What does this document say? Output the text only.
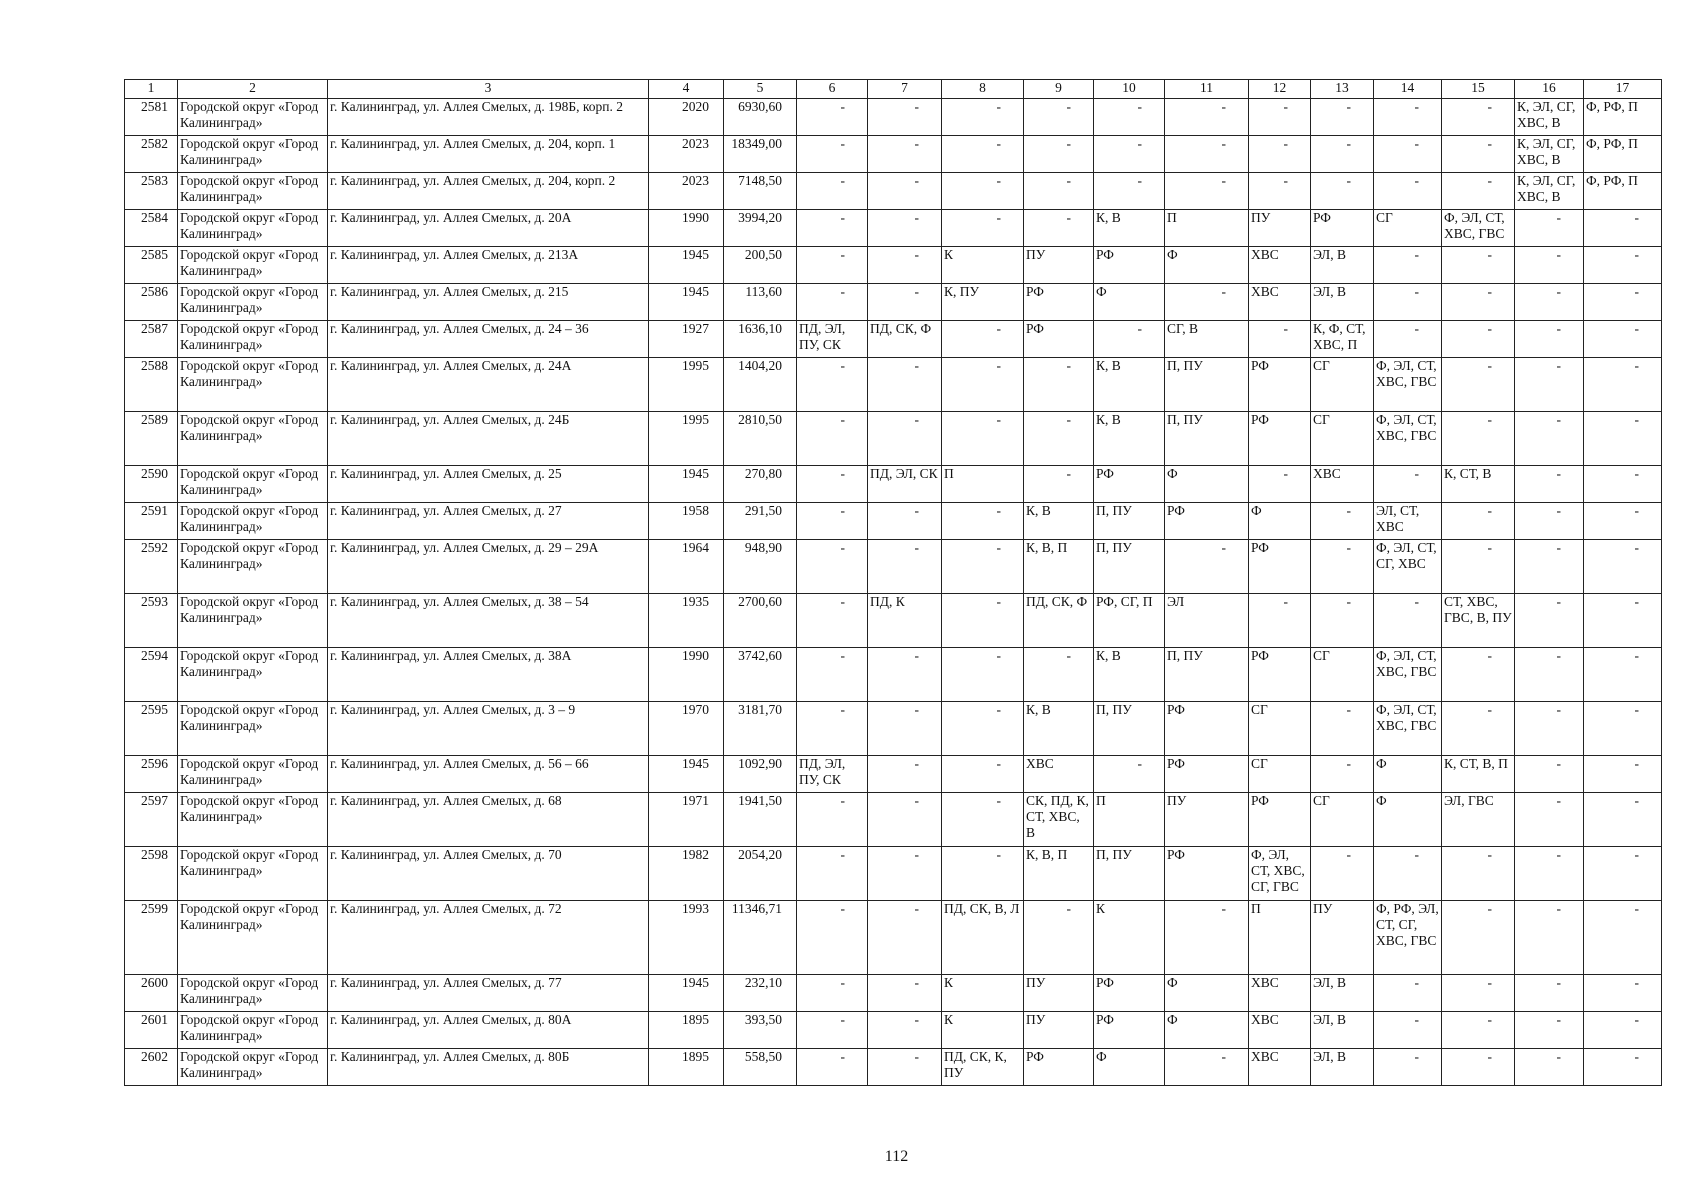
1	2	3	4	5	6	7	8	9	10	11	12	13	14	15	16	17
2581	Городской округ «Город Калининград»	г. Калининград, ул. Аллея Смелых, д. 198Б, корп. 2	2020	6930,60	-	-	-	-	-	-	-	-	-	-	К, ЭЛ, СГ, ХВС, В	Ф, РФ, П
2582	Городской округ «Город Калининград»	г. Калининград, ул. Аллея Смелых, д. 204, корп. 1	2023	18349,00	-	-	-	-	-	-	-	-	-	-	К, ЭЛ, СГ, ХВС, В	Ф, РФ, П
2583	Городской округ «Город Калининград»	г. Калининград, ул. Аллея Смелых, д. 204, корп. 2	2023	7148,50	-	-	-	-	-	-	-	-	-	-	К, ЭЛ, СГ, ХВС, В	Ф, РФ, П
2584	Городской округ «Город Калининград»	г. Калининград, ул. Аллея Смелых, д. 20А	1990	3994,20	-	-	-	-	К, В	П	ПУ	РФ	СГ	Ф, ЭЛ, СТ, ХВС, ГВС	-	-
2585	Городской округ «Город Калининград»	г. Калининград, ул. Аллея Смелых, д. 213А	1945	200,50	-	-	К	ПУ	РФ	Ф	ХВС	ЭЛ, В	-	-	-	-
2586	Городской округ «Город Калининград»	г. Калининград, ул. Аллея Смелых, д. 215	1945	113,60	-	-	К, ПУ	РФ	Ф	-	ХВС	ЭЛ, В	-	-	-	-
2587	Городской округ «Город Калининград»	г. Калининград, ул. Аллея Смелых, д. 24 – 36	1927	1636,10	ПД, ЭЛ, ПУ, СК	ПД, СК, Ф	-	РФ	-	СГ, В	-	К, Ф, СТ, ХВС, П	-	-	-	-
2588	Городской округ «Город Калининград»	г. Калининград, ул. Аллея Смелых, д. 24А	1995	1404,20	-	-	-	-	К, В	П, ПУ	РФ	СГ	Ф, ЭЛ, СТ, ХВС, ГВС	-	-	-
2589	Городской округ «Город Калининград»	г. Калининград, ул. Аллея Смелых, д. 24Б	1995	2810,50	-	-	-	-	К, В	П, ПУ	РФ	СГ	Ф, ЭЛ, СТ, ХВС, ГВС	-	-	-
2590	Городской округ «Город Калининград»	г. Калининград, ул. Аллея Смелых, д. 25	1945	270,80	-	ПД, ЭЛ, СК	П	-	РФ	Ф	-	ХВС	-	К, СТ, В	-	-
2591	Городской округ «Город Калининград»	г. Калининград, ул. Аллея Смелых, д. 27	1958	291,50	-	-	-	К, В	П, ПУ	РФ	Ф	-	ЭЛ, СТ, ХВС	-	-	-
2592	Городской округ «Город Калининград»	г. Калининград, ул. Аллея Смелых, д. 29 – 29А	1964	948,90	-	-	-	К, В, П	П, ПУ	-	РФ	-	Ф, ЭЛ, СТ, СГ, ХВС	-	-	-
2593	Городской округ «Город Калининград»	г. Калининград, ул. Аллея Смелых, д. 38 – 54	1935	2700,60	-	ПД, К	-	ПД, СК, Ф	РФ, СГ, П	ЭЛ	-	-	-	СТ, ХВС, ГВС, В, ПУ	-	-
2594	Городской округ «Город Калининград»	г. Калининград, ул. Аллея Смелых, д. 38А	1990	3742,60	-	-	-	-	К, В	П, ПУ	РФ	СГ	Ф, ЭЛ, СТ, ХВС, ГВС	-	-	-
2595	Городской округ «Город Калининград»	г. Калининград, ул. Аллея Смелых, д. 3 – 9	1970	3181,70	-	-	-	К, В	П, ПУ	РФ	СГ	-	Ф, ЭЛ, СТ, ХВС, ГВС	-	-	-
2596	Городской округ «Город Калининград»	г. Калининград, ул. Аллея Смелых, д. 56 – 66	1945	1092,90	ПД, ЭЛ, ПУ, СК	-	-	ХВС	-	РФ	СГ	-	Ф	К, СТ, В, П	-	-
2597	Городской округ «Город Калининград»	г. Калининград, ул. Аллея Смелых, д. 68	1971	1941,50	-	-	-	СК, ПД, К, СТ, ХВС, В	П	ПУ	РФ	СГ	Ф	ЭЛ, ГВС	-	-
2598	Городской округ «Город Калининград»	г. Калининград, ул. Аллея Смелых, д. 70	1982	2054,20	-	-	-	К, В, П	П, ПУ	РФ	Ф, ЭЛ, СТ, ХВС, СГ, ГВС	-	-	-	-	-
2599	Городской округ «Город Калининград»	г. Калининград, ул. Аллея Смелых, д. 72	1993	11346,71	-	-	ПД, СК, В, Л	-	К	-	П	ПУ	Ф, РФ, ЭЛ, СТ, СГ, ХВС, ГВС	-	-	-
2600	Городской округ «Город Калининград»	г. Калининград, ул. Аллея Смелых, д. 77	1945	232,10	-	-	К	ПУ	РФ	Ф	ХВС	ЭЛ, В	-	-	-	-
2601	Городской округ «Город Калининград»	г. Калининград, ул. Аллея Смелых, д. 80А	1895	393,50	-	-	К	ПУ	РФ	Ф	ХВС	ЭЛ, В	-	-	-	-
2602	Городской округ «Город Калининград»	г. Калининград, ул. Аллея Смелых, д. 80Б	1895	558,50	-	-	ПД, СК, К, ПУ	РФ	Ф	-	ХВС	ЭЛ, В	-	-	-	-
112
